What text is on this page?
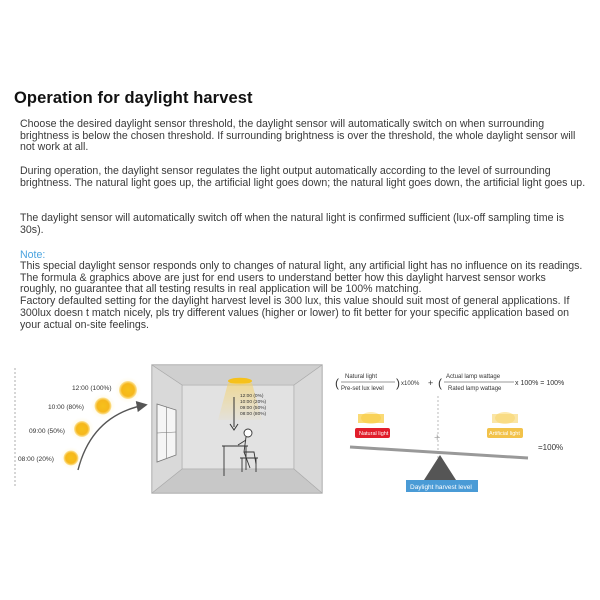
Operation for daylight harvest

Choose the desired daylight sensor threshold, the daylight sensor will automatically switch on when surrounding brightness is below the chosen threshold. If surrounding brightness is over the threshold, the whole daylight sensor will not work at all.

During operation, the daylight sensor regulates the light output automatically according to the level of surrounding brightness. The natural light goes up, the artificial light goes down; the natural light goes down, the artificial light goes up.

The daylight sensor will automatically switch off when the natural light is confirmed sufficient (lux-off sampling time is 30s).

Note:

This special daylight sensor responds only to changes of natural light, any artificial light has no influence on its readings.
The formula & graphics above are just for end users to understand better how this daylight harvest sensor works
roughly, no guarantee that all testing results in real application will be 100% matching.
Factory defaulted setting for the daylight harvest level is 300 lux, this value should suit most of general applications. If
300lux doesn t match nicely, pls try different values (higher or lower) to fit better for your specific application based on
your actual on-site feelings.
08:00 (20%)
09:00 (50%)
10:00 (80%)
12:00 (100%)
12:00 (0%)
10:00 (20%)
09:00 (50%)
08:00 (80%)
( Natural light
Pre-set lux level ) x100% + ( Actual lamp wattage
Rated lamp wattage
x 100% = 100%
+
Natural light	Artificial light
=100%
Daylight harvest level
